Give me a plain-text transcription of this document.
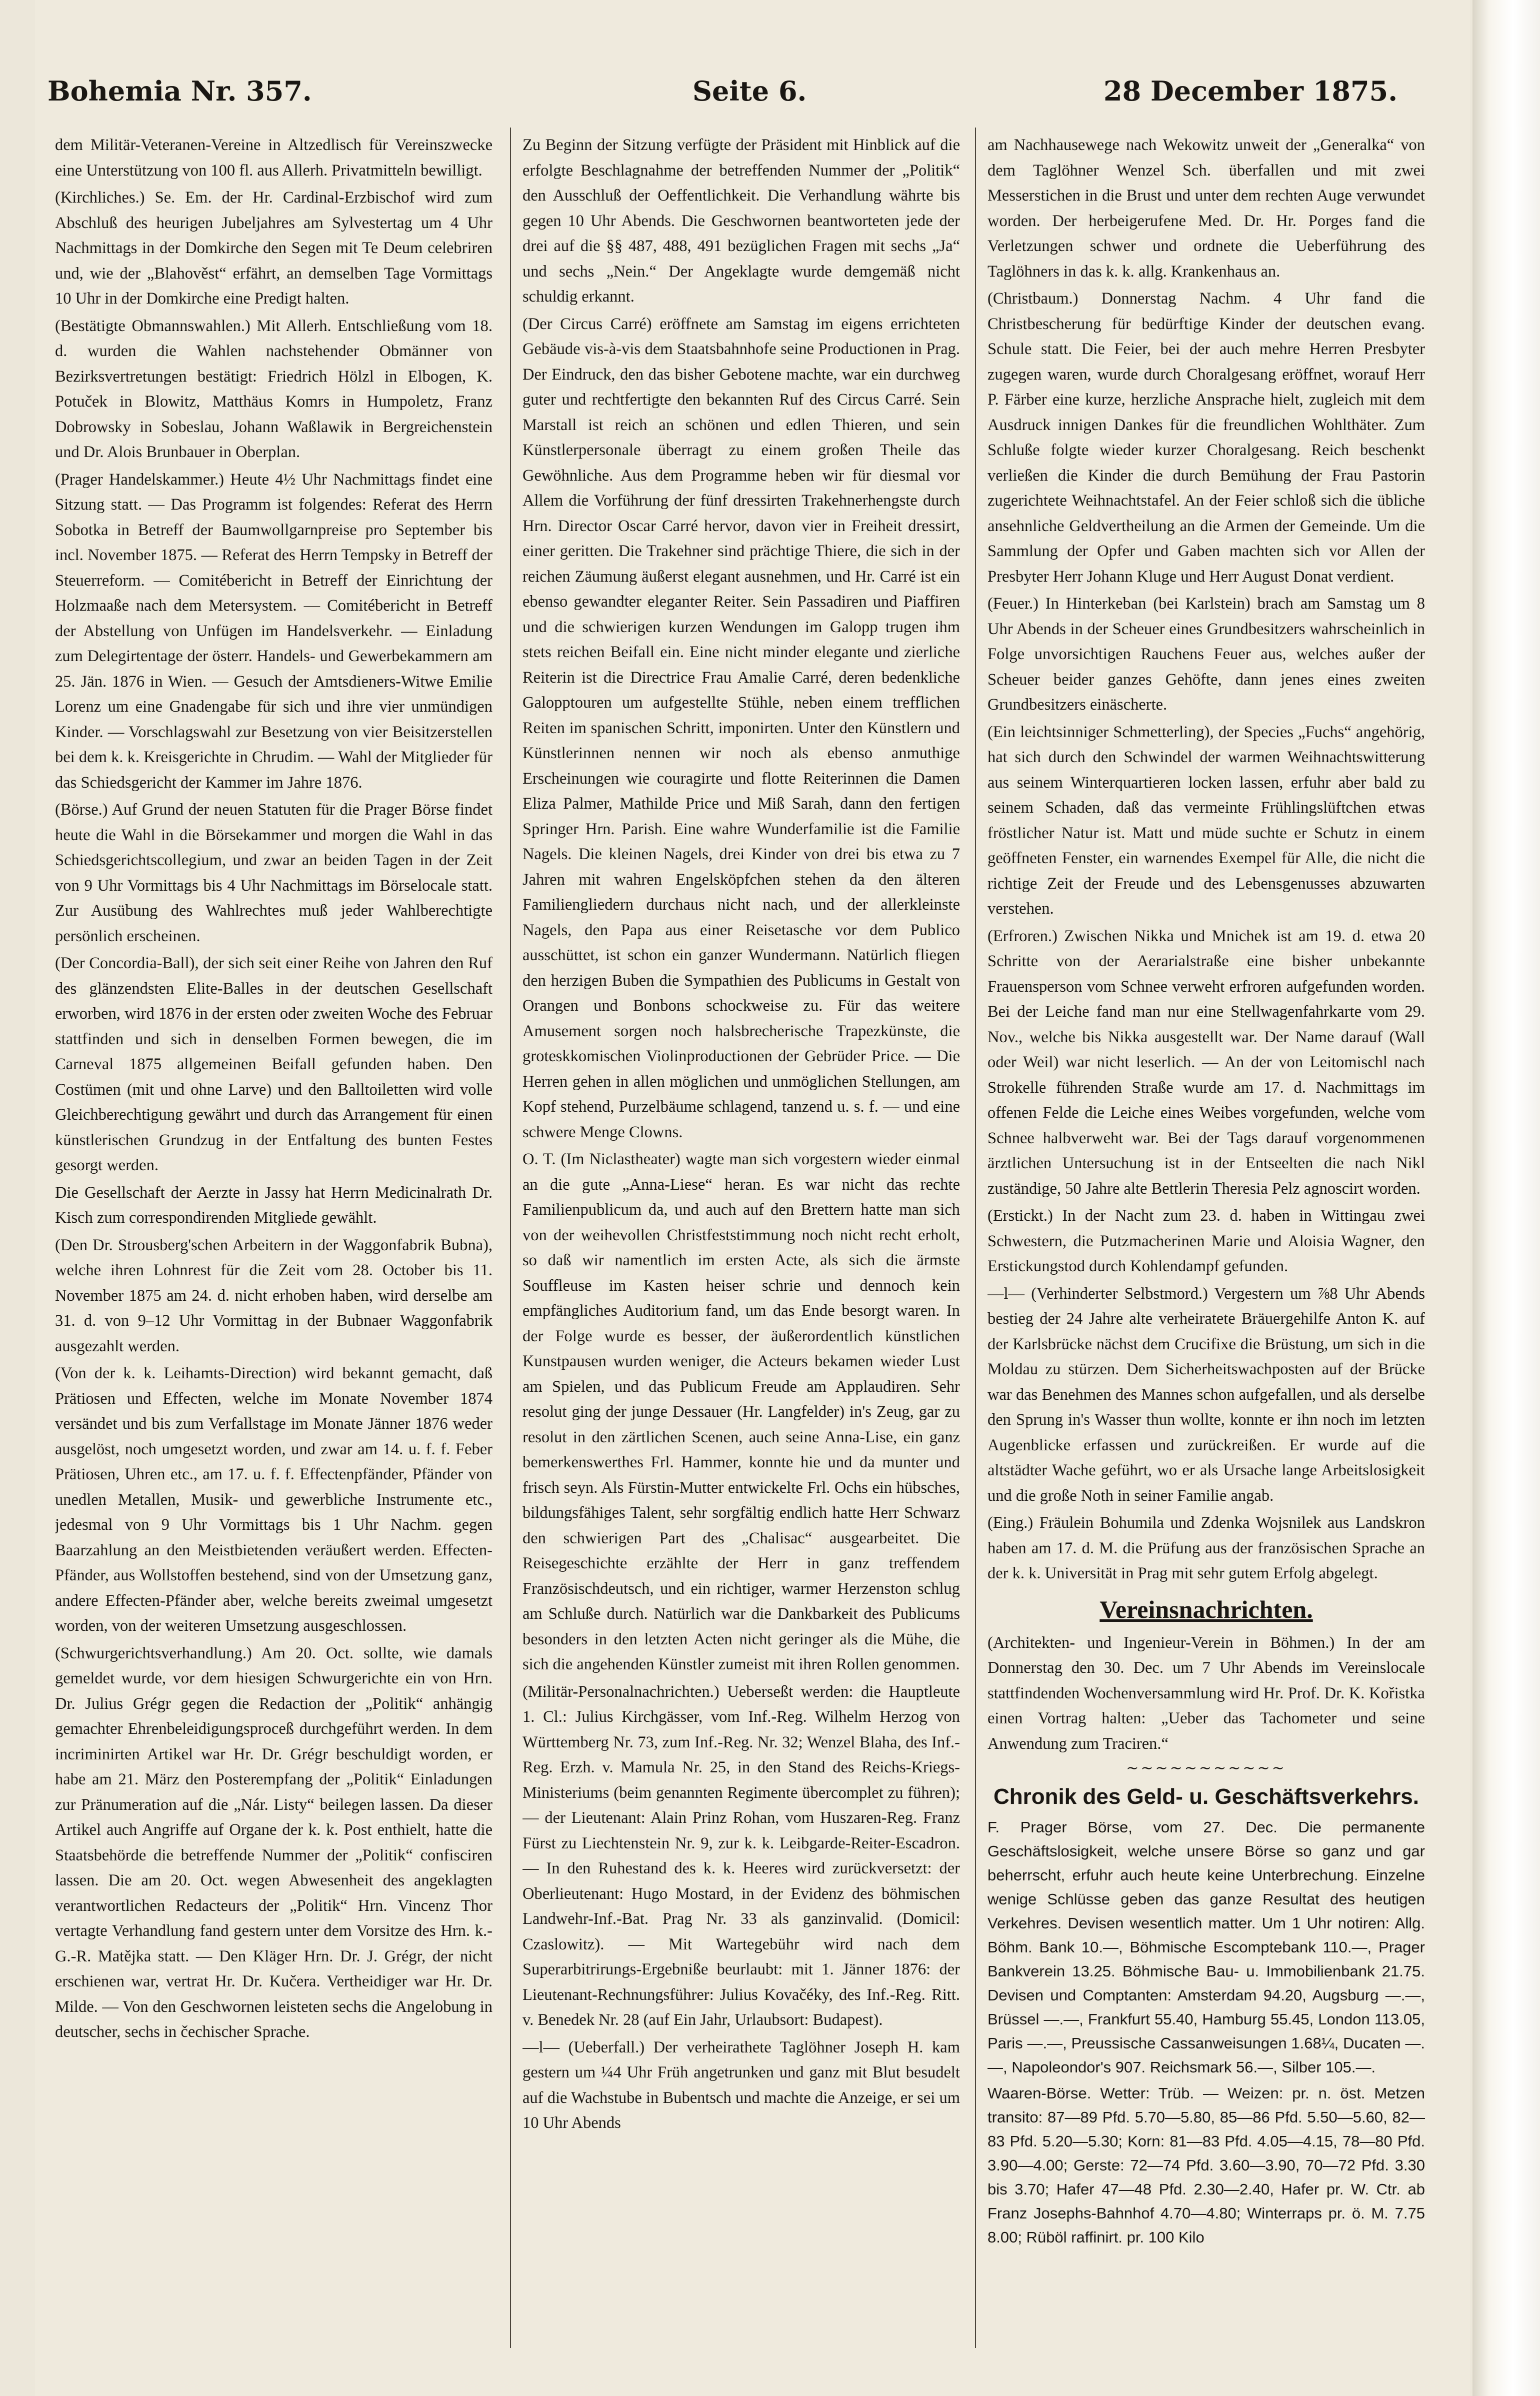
Bohemia Nr. 357.	Seite 6.	28 December 1875.

dem Militär-Veteranen-Vereine in Altzedlisch für Vereinszwecke eine Unterstützung von 100 fl. aus Allerh. Privatmitteln bewilligt.

(Kirchliches.) Se. Em. der Hr. Cardinal-Erzbischof wird zum Abschluß des heurigen Jubeljahres am Sylvestertag um 4 Uhr Nachmittags in der Domkirche den Segen mit Te Deum celebriren und, wie der „Blahověst“ erfährt, an demselben Tage Vormittags 10 Uhr in der Domkirche eine Predigt halten.

(Bestätigte Obmannswahlen.) Mit Allerh. Entschließung vom 18. d. wurden die Wahlen nachstehender Obmänner von Bezirksvertretungen bestätigt: Friedrich Hölzl in Elbogen, K. Potuček in Blowitz, Matthäus Komrs in Humpoletz, Franz Dobrowsky in Sobeslau, Johann Waßlawik in Bergreichenstein und Dr. Alois Brunbauer in Oberplan.

(Prager Handelskammer.) Heute 4½ Uhr Nachmittags findet eine Sitzung statt. — Das Programm ist folgendes: Referat des Herrn Sobotka in Betreff der Baumwollgarnpreise pro September bis incl. November 1875. — Referat des Herrn Tempsky in Betreff der Steuerreform. — Comitébericht in Betreff der Einrichtung der Holzmaaße nach dem Metersystem. — Comitébericht in Betreff der Abstellung von Unfügen im Handelsverkehr. — Einladung zum Delegirtentage der österr. Handels- und Gewerbekammern am 25. Jän. 1876 in Wien. — Gesuch der Amtsdieners-Witwe Emilie Lorenz um eine Gnadengabe für sich und ihre vier unmündigen Kinder. — Vorschlagswahl zur Besetzung von vier Beisitzerstellen bei dem k. k. Kreisgerichte in Chrudim. — Wahl der Mitglieder für das Schiedsgericht der Kammer im Jahre 1876.

(Börse.) Auf Grund der neuen Statuten für die Prager Börse findet heute die Wahl in die Börsekammer und morgen die Wahl in das Schiedsgerichtscollegium, und zwar an beiden Tagen in der Zeit von 9 Uhr Vormittags bis 4 Uhr Nachmittags im Börselocale statt. Zur Ausübung des Wahlrechtes muß jeder Wahlberechtigte persönlich erscheinen.

(Der Concordia-Ball), der sich seit einer Reihe von Jahren den Ruf des glänzendsten Elite-Balles in der deutschen Gesellschaft erworben, wird 1876 in der ersten oder zweiten Woche des Februar stattfinden und sich in denselben Formen bewegen, die im Carneval 1875 allgemeinen Beifall gefunden haben. Den Costümen (mit und ohne Larve) und den Balltoiletten wird volle Gleichberechtigung gewährt und durch das Arrangement für einen künstlerischen Grundzug in der Entfaltung des bunten Festes gesorgt werden.

Die Gesellschaft der Aerzte in Jassy hat Herrn Medicinalrath Dr. Kisch zum correspondirenden Mitgliede gewählt.

(Den Dr. Strousberg'schen Arbeitern in der Waggonfabrik Bubna), welche ihren Lohnrest für die Zeit vom 28. October bis 11. November 1875 am 24. d. nicht erhoben haben, wird derselbe am 31. d. von 9–12 Uhr Vormittag in der Bubnaer Waggonfabrik ausgezahlt werden.

(Von der k. k. Leihamts-Direction) wird bekannt gemacht, daß Prätiosen und Effecten, welche im Monate November 1874 versändet und bis zum Verfallstage im Monate Jänner 1876 weder ausgelöst, noch umgesetzt worden, und zwar am 14. u. f. f. Feber Prätiosen, Uhren etc., am 17. u. f. f. Effectenpfänder, Pfänder von unedlen Metallen, Musik- und gewerbliche Instrumente etc., jedesmal von 9 Uhr Vormittags bis 1 Uhr Nachm. gegen Baarzahlung an den Meistbietenden veräußert werden. Effecten-Pfänder, aus Wollstoffen bestehend, sind von der Umsetzung ganz, andere Effecten-Pfänder aber, welche bereits zweimal umgesetzt worden, von der weiteren Umsetzung ausgeschlossen.

(Schwurgerichtsverhandlung.) Am 20. Oct. sollte, wie damals gemeldet wurde, vor dem hiesigen Schwurgerichte ein von Hrn. Dr. Julius Grégr gegen die Redaction der „Politik“ anhängig gemachter Ehrenbeleidigungsproceß durchgeführt werden. In dem incriminirten Artikel war Hr. Dr. Grégr beschuldigt worden, er habe am 21. März den Posterempfang der „Politik“ Einladungen zur Pränumeration auf die „Nár. Listy“ beilegen lassen. Da dieser Artikel auch Angriffe auf Organe der k. k. Post enthielt, hatte die Staatsbehörde die betreffende Nummer der „Politik“ confisciren lassen. Die am 20. Oct. wegen Abwesenheit des angeklagten verantwortlichen Redacteurs der „Politik“ Hrn. Vincenz Thor vertagte Verhandlung fand gestern unter dem Vorsitze des Hrn. k.-G.-R. Matějka statt. — Den Kläger Hrn. Dr. J. Grégr, der nicht erschienen war, vertrat Hr. Dr. Kučera. Vertheidiger war Hr. Dr. Milde. — Von den Geschwornen leisteten sechs die Angelobung in deutscher, sechs in čechischer Sprache.

Zu Beginn der Sitzung verfügte der Präsident mit Hinblick auf die erfolgte Beschlagnahme der betreffenden Nummer der „Politik“ den Ausschluß der Oeffentlichkeit. Die Verhandlung währte bis gegen 10 Uhr Abends. Die Geschwornen beantworteten jede der drei auf die §§ 487, 488, 491 bezüglichen Fragen mit sechs „Ja“ und sechs „Nein.“ Der Angeklagte wurde demgemäß nicht schuldig erkannt.

(Der Circus Carré) eröffnete am Samstag im eigens errichteten Gebäude vis-à-vis dem Staatsbahnhofe seine Productionen in Prag. Der Eindruck, den das bisher Gebotene machte, war ein durchweg guter und rechtfertigte den bekannten Ruf des Circus Carré. Sein Marstall ist reich an schönen und edlen Thieren, und sein Künstlerpersonale überragt zu einem großen Theile das Gewöhnliche. Aus dem Programme heben wir für diesmal vor Allem die Vorführung der fünf dressirten Trakehnerhengste durch Hrn. Director Oscar Carré hervor, davon vier in Freiheit dressirt, einer geritten. Die Trakehner sind prächtige Thiere, die sich in der reichen Zäumung äußerst elegant ausnehmen, und Hr. Carré ist ein ebenso gewandter eleganter Reiter. Sein Passadiren und Piaffiren und die schwierigen kurzen Wendungen im Galopp trugen ihm stets reichen Beifall ein. Eine nicht minder elegante und zierliche Reiterin ist die Directrice Frau Amalie Carré, deren bedenkliche Galopptouren um aufgestellte Stühle, neben einem trefflichen Reiten im spanischen Schritt, imponirten. Unter den Künstlern und Künstlerinnen nennen wir noch als ebenso anmuthige Erscheinungen wie couragirte und flotte Reiterinnen die Damen Eliza Palmer, Mathilde Price und Miß Sarah, dann den fertigen Springer Hrn. Parish. Eine wahre Wunderfamilie ist die Familie Nagels. Die kleinen Nagels, drei Kinder von drei bis etwa zu 7 Jahren mit wahren Engelsköpfchen stehen da den älteren Familiengliedern durchaus nicht nach, und der allerkleinste Nagels, den Papa aus einer Reisetasche vor dem Publico ausschüttet, ist schon ein ganzer Wundermann. Natürlich fliegen den herzigen Buben die Sympathien des Publicums in Gestalt von Orangen und Bonbons schockweise zu. Für das weitere Amusement sorgen noch halsbrecherische Trapezkünste, die groteskkomischen Violinproductionen der Gebrüder Price. — Die Herren gehen in allen möglichen und unmöglichen Stellungen, am Kopf stehend, Purzelbäume schlagend, tanzend u. s. f. — und eine schwere Menge Clowns.

O. T. (Im Niclastheater) wagte man sich vorgestern wieder einmal an die gute „Anna-Liese“ heran. Es war nicht das rechte Familienpublicum da, und auch auf den Brettern hatte man sich von der weihevollen Christfeststimmung noch nicht recht erholt, so daß wir namentlich im ersten Acte, als sich die ärmste Souffleuse im Kasten heiser schrie und dennoch kein empfängliches Auditorium fand, um das Ende besorgt waren. In der Folge wurde es besser, der äußerordentlich künstlichen Kunstpausen wurden weniger, die Acteurs bekamen wieder Lust am Spielen, und das Publicum Freude am Applaudiren. Sehr resolut ging der junge Dessauer (Hr. Langfelder) in's Zeug, gar zu resolut in den zärtlichen Scenen, auch seine Anna-Lise, ein ganz bemerkenswerthes Frl. Hammer, konnte hie und da munter und frisch seyn. Als Fürstin-Mutter entwickelte Frl. Ochs ein hübsches, bildungsfähiges Talent, sehr sorgfältig endlich hatte Herr Schwarz den schwierigen Part des „Chalisac“ ausgearbeitet. Die Reisegeschichte erzählte der Herr in ganz treffendem Französischdeutsch, und ein richtiger, warmer Herzenston schlug am Schluße durch. Natürlich war die Dankbarkeit des Publicums besonders in den letzten Acten nicht geringer als die Mühe, die sich die angehenden Künstler zumeist mit ihren Rollen genommen.

(Militär-Personalnachrichten.) Ueberseßt werden: die Hauptleute 1. Cl.: Julius Kirchgässer, vom Inf.-Reg. Wilhelm Herzog von Württemberg Nr. 73, zum Inf.-Reg. Nr. 32; Wenzel Blaha, des Inf.-Reg. Erzh. v. Mamula Nr. 25, in den Stand des Reichs-Kriegs-Ministeriums (beim genannten Regimente übercomplet zu führen); — der Lieutenant: Alain Prinz Rohan, vom Huszaren-Reg. Franz Fürst zu Liechtenstein Nr. 9, zur k. k. Leibgarde-Reiter-Escadron. — In den Ruhestand des k. k. Heeres wird zurückversetzt: der Oberlieutenant: Hugo Mostard, in der Evidenz des böhmischen Landwehr-Inf.-Bat. Prag Nr. 33 als ganzinvalid. (Domicil: Czaslowitz). — Mit Wartegebühr wird nach dem Superarbitrirungs-Ergebniße beurlaubt: mit 1. Jänner 1876: der Lieutenant-Rechnungsführer: Julius Kovačéky, des Inf.-Reg. Ritt. v. Benedek Nr. 28 (auf Ein Jahr, Urlaubsort: Budapest).

—l— (Ueberfall.) Der verheirathete Taglöhner Joseph H. kam gestern um ¼4 Uhr Früh angetrunken und ganz mit Blut besudelt auf die Wachstube in Bubentsch und machte die Anzeige, er sei um 10 Uhr Abends

am Nachhausewege nach Wekowitz unweit der „Generalka“ von dem Taglöhner Wenzel Sch. überfallen und mit zwei Messerstichen in die Brust und unter dem rechten Auge verwundet worden. Der herbeigerufene Med. Dr. Hr. Porges fand die Verletzungen schwer und ordnete die Ueberführung des Taglöhners in das k. k. allg. Krankenhaus an.

(Christbaum.) Donnerstag Nachm. 4 Uhr fand die Christbescherung für bedürftige Kinder der deutschen evang. Schule statt. Die Feier, bei der auch mehre Herren Presbyter zugegen waren, wurde durch Choralgesang eröffnet, worauf Herr P. Färber eine kurze, herzliche Ansprache hielt, zugleich mit dem Ausdruck innigen Dankes für die freundlichen Wohlthäter. Zum Schluße folgte wieder kurzer Choralgesang. Reich beschenkt verließen die Kinder die durch Bemühung der Frau Pastorin zugerichtete Weihnachtstafel. An der Feier schloß sich die übliche ansehnliche Geldvertheilung an die Armen der Gemeinde. Um die Sammlung der Opfer und Gaben machten sich vor Allen der Presbyter Herr Johann Kluge und Herr August Donat verdient.

(Feuer.) In Hinterkeban (bei Karlstein) brach am Samstag um 8 Uhr Abends in der Scheuer eines Grundbesitzers wahrscheinlich in Folge unvorsichtigen Rauchens Feuer aus, welches außer der Scheuer beider ganzes Gehöfte, dann jenes eines zweiten Grundbesitzers einäscherte.

(Ein leichtsinniger Schmetterling), der Species „Fuchs“ angehörig, hat sich durch den Schwindel der warmen Weihnachtswitterung aus seinem Winterquartieren locken lassen, erfuhr aber bald zu seinem Schaden, daß das vermeinte Frühlingslüftchen etwas fröstlicher Natur ist. Matt und müde suchte er Schutz in einem geöffneten Fenster, ein warnendes Exempel für Alle, die nicht die richtige Zeit der Freude und des Lebensgenusses abzuwarten verstehen.

(Erfroren.) Zwischen Nikka und Mnichek ist am 19. d. etwa 20 Schritte von der Aerarialstraße eine bisher unbekannte Frauensperson vom Schnee verweht erfroren aufgefunden worden. Bei der Leiche fand man nur eine Stellwagenfahrkarte vom 29. Nov., welche bis Nikka ausgestellt war. Der Name darauf (Wall oder Weil) war nicht leserlich. — An der von Leitomischl nach Strokelle führenden Straße wurde am 17. d. Nachmittags im offenen Felde die Leiche eines Weibes vorgefunden, welche vom Schnee halbverweht war. Bei der Tags darauf vorgenommenen ärztlichen Untersuchung ist in der Entseelten die nach Nikl zuständige, 50 Jahre alte Bettlerin Theresia Pelz agnoscirt worden.

(Erstickt.) In der Nacht zum 23. d. haben in Wittingau zwei Schwestern, die Putzmacherinen Marie und Aloisia Wagner, den Erstickungstod durch Kohlendampf gefunden.

—l— (Verhinderter Selbstmord.) Vergestern um ⅞8 Uhr Abends bestieg der 24 Jahre alte verheiratete Bräuergehilfe Anton K. auf der Karlsbrücke nächst dem Crucifixe die Brüstung, um sich in die Moldau zu stürzen. Dem Sicherheitswachposten auf der Brücke war das Benehmen des Mannes schon aufgefallen, und als derselbe den Sprung in's Wasser thun wollte, konnte er ihn noch im letzten Augenblicke erfassen und zurückreißen. Er wurde auf die altstädter Wache geführt, wo er als Ursache lange Arbeitslosigkeit und die große Noth in seiner Familie angab.

(Eing.) Fräulein Bohumila und Zdenka Wojsnilek aus Landskron haben am 17. d. M. die Prüfung aus der französischen Sprache an der k. k. Universität in Prag mit sehr gutem Erfolg abgelegt.

Vereinsnachrichten.

(Architekten- und Ingenieur-Verein in Böhmen.) In der am Donnerstag den 30. Dec. um 7 Uhr Abends im Vereinslocale stattfindenden Wochenversammlung wird Hr. Prof. Dr. K. Kořistka einen Vortrag halten: „Ueber das Tachometer und seine Anwendung zum Traciren.“

∼∼∼∼∼∼∼∼∼∼∼

Chronik des Geld- u. Geschäftsverkehrs.

F. Prager Börse, vom 27. Dec. Die permanente Geschäftslosigkeit, welche unsere Börse so ganz und gar beherrscht, erfuhr auch heute keine Unterbrechung. Einzelne wenige Schlüsse geben das ganze Resultat des heutigen Verkehres. Devisen wesentlich matter. Um 1 Uhr notiren: Allg. Böhm. Bank 10.—, Böhmische Escomptebank 110.—, Prager Bankverein 13.25. Böhmische Bau- u. Immobilienbank 21.75. Devisen und Comptanten: Amsterdam 94.20, Augsburg —.—, Brüssel —.—, Frankfurt 55.40, Hamburg 55.45, London 113.05, Paris —.—, Preussische Cassanweisungen 1.68¼, Ducaten —.—, Napoleondor's 907. Reichsmark 56.—, Silber 105.—.

Waaren-Börse. Wetter: Trüb. — Weizen: pr. n. öst. Metzen transito: 87—89 Pfd. 5.70—5.80, 85—86 Pfd. 5.50—5.60, 82—83 Pfd. 5.20—5.30; Korn: 81—83 Pfd. 4.05—4.15, 78—80 Pfd. 3.90—4.00; Gerste: 72—74 Pfd. 3.60—3.90, 70—72 Pfd. 3.30 bis 3.70; Hafer 47—48 Pfd. 2.30—2.40, Hafer pr. W. Ctr. ab Franz Josephs-Bahnhof 4.70—4.80; Winterraps pr. ö. M. 7.75 8.00; Rüböl raffinirt. pr. 100 Kilo
